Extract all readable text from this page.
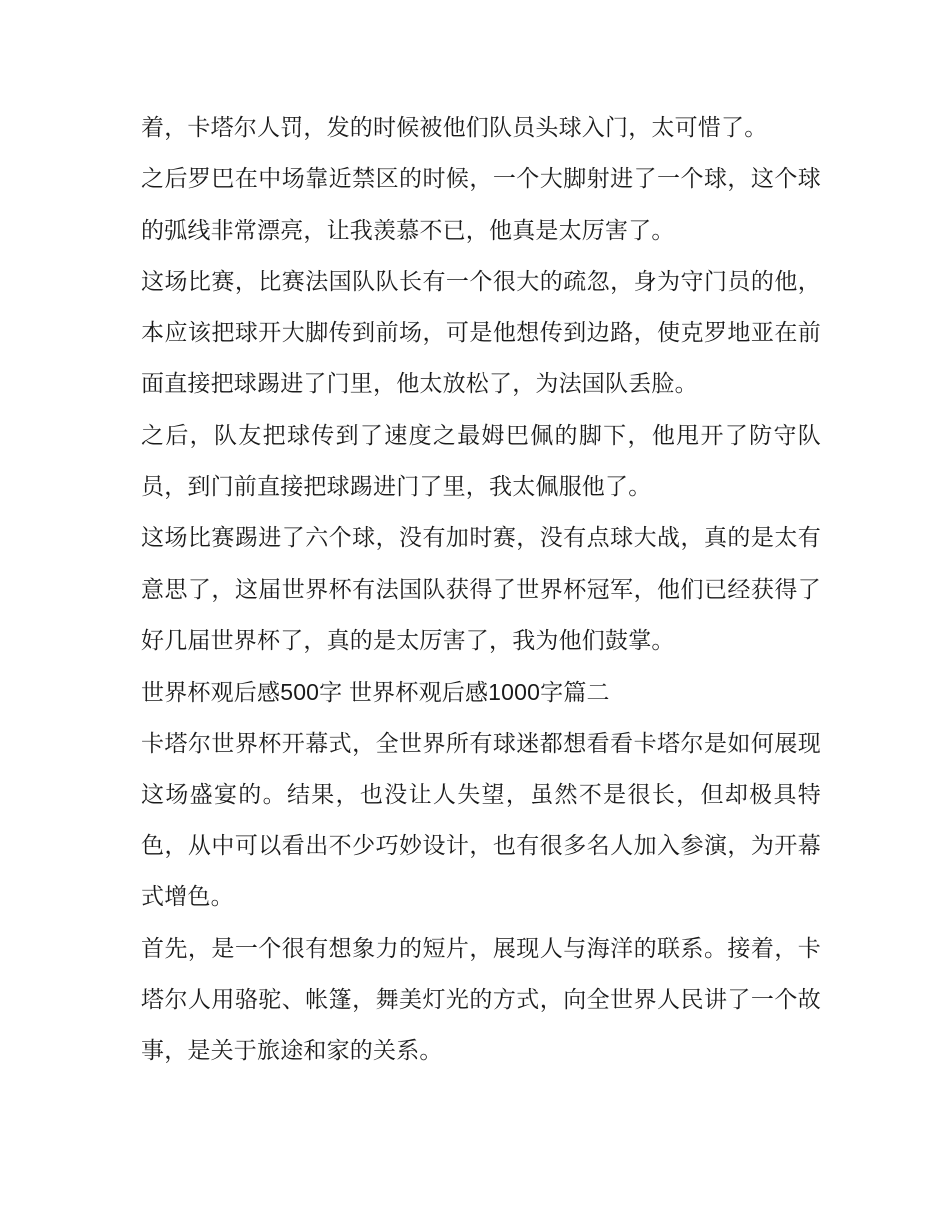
着，卡塔尔人罚，发的时候被他们队员头球入门，太可惜了。

之后罗巴在中场靠近禁区的时候，一个大脚射进了一个球，这个球的弧线非常漂亮，让我羡慕不已，他真是太厉害了。

这场比赛，比赛法国队队长有一个很大的疏忽，身为守门员的他，本应该把球开大脚传到前场，可是他想传到边路，使克罗地亚在前面直接把球踢进了门里，他太放松了，为法国队丢脸。

之后，队友把球传到了速度之最姆巴佩的脚下，他甩开了防守队员，到门前直接把球踢进门了里，我太佩服他了。

这场比赛踢进了六个球，没有加时赛，没有点球大战，真的是太有意思了，这届世界杯有法国队获得了世界杯冠军，他们已经获得了好几届世界杯了，真的是太厉害了，我为他们鼓掌。

世界杯观后感500字 世界杯观后感1000字篇二

卡塔尔世界杯开幕式，全世界所有球迷都想看看卡塔尔是如何展现这场盛宴的。结果，也没让人失望，虽然不是很长，但却极具特色，从中可以看出不少巧妙设计，也有很多名人加入参演，为开幕式增色。

首先，是一个很有想象力的短片，展现人与海洋的联系。接着，卡塔尔人用骆驼、帐篷，舞美灯光的方式，向全世界人民讲了一个故事，是关于旅途和家的关系。
